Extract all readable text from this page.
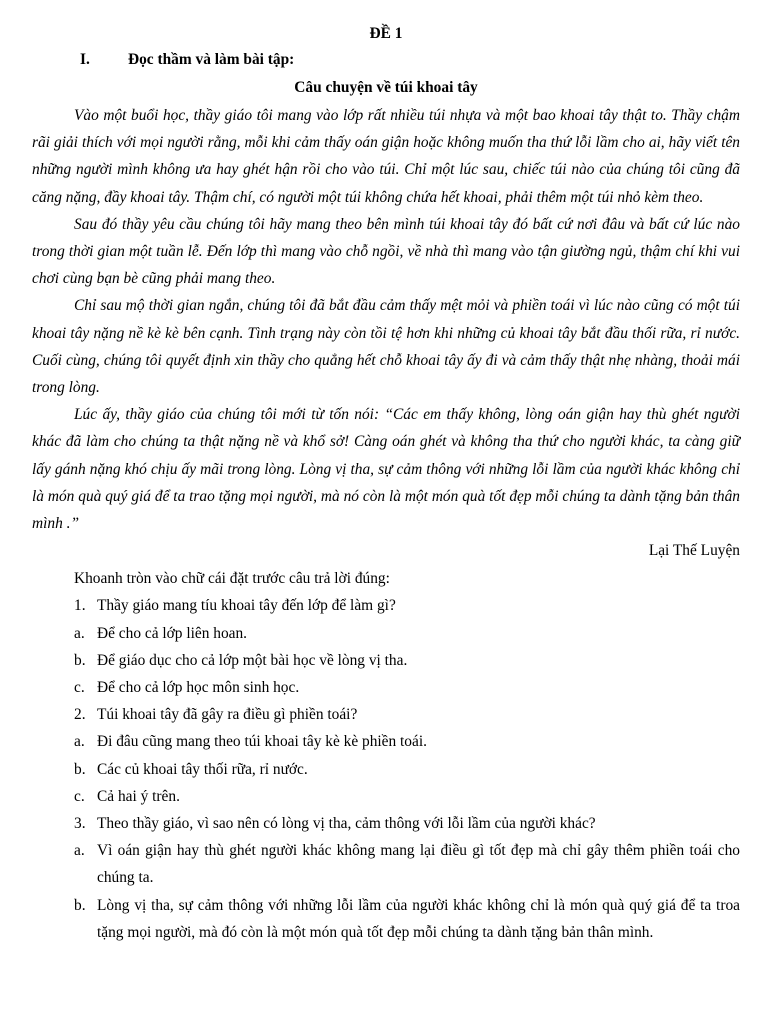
ĐỀ 1

I.	Đọc thầm và làm bài tập:

Câu chuyện về túi khoai tây

Vào một buổi học, thầy giáo tôi mang vào lớp rất nhiều túi nhựa và một bao khoai tây thật to. Thầy chậm rãi giải thích với mọi người rằng, mỗi khi cảm thấy oán giận hoặc không muốn tha thứ lỗi lầm cho ai, hãy viết tên những người mình không ưa hay ghét hận rồi cho vào túi. Chỉ một lúc sau, chiếc túi nào của chúng tôi cũng đã căng nặng, đầy khoai tây. Thậm chí, có người một túi không chứa hết khoai, phải thêm một túi nhỏ kèm theo.

Sau đó thầy yêu cầu chúng tôi hãy mang theo bên mình túi khoai tây đó bất cứ nơi đâu và bất cứ lúc nào trong thời gian một tuần lễ. Đến lớp thì mang vào chỗ ngồi, về nhà thì mang vào tận giường ngủ, thậm chí khi vui chơi cùng bạn bè cũng phải mang theo.

Chỉ sau mộ thời gian ngắn, chúng tôi đã bắt đầu cảm thấy mệt mỏi và phiền toái vì lúc nào cũng có một túi khoai tây nặng nề kè kè bên cạnh. Tình trạng này còn tồi tệ hơn khi những củ khoai tây bắt đầu thối rữa, rỉ nước. Cuối cùng, chúng tôi quyết định xin thầy cho quẳng hết chỗ khoai tây ấy đi và cảm thấy thật nhẹ nhàng, thoải mái trong lòng.

Lúc ấy, thầy giáo của chúng tôi mới từ tốn nói: “Các em thấy không, lòng oán giận hay thù ghét người khác đã làm cho chúng ta thật nặng nề và khổ sở! Càng oán ghét và không tha thứ cho người khác, ta càng giữ lấy gánh nặng khó chịu ấy mãi trong lòng. Lòng vị tha, sự cảm thông với những lỗi lầm của người khác không chỉ là món quà quý giá để ta trao tặng mọi người, mà nó còn là một món quà tốt đẹp mỗi chúng ta dành tặng bản thân mình .”

Lại Thế Luyện

Khoanh tròn vào chữ cái đặt trước câu trả lời đúng:

1. Thầy giáo mang tíu khoai tây đến lớp để làm gì?
a. Để cho cả lớp liên hoan.
b. Để giáo dục cho cả lớp một bài học về lòng vị tha.
c. Để cho cả lớp học môn sinh học.
2. Túi khoai tây đã gây ra điều gì phiền toái?
a. Đi đâu cũng mang theo túi khoai tây kè kè phiền toái.
b. Các củ khoai tây thối rữa, rỉ nước.
c. Cả hai ý trên.
3. Theo thầy giáo, vì sao nên có lòng vị tha, cảm thông với lỗi lầm của người khác?
a. Vì oán giận hay thù ghét người khác không mang lại điều gì tốt đẹp mà chỉ gây thêm phiền toái cho chúng ta.
b. Lòng vị tha, sự cảm thông với những lỗi lầm của người khác không chỉ là món quà quý giá để ta troa tặng mọi người, mà đó còn là một món quà tốt đẹp mỗi chúng ta dành tặng bản thân mình.
